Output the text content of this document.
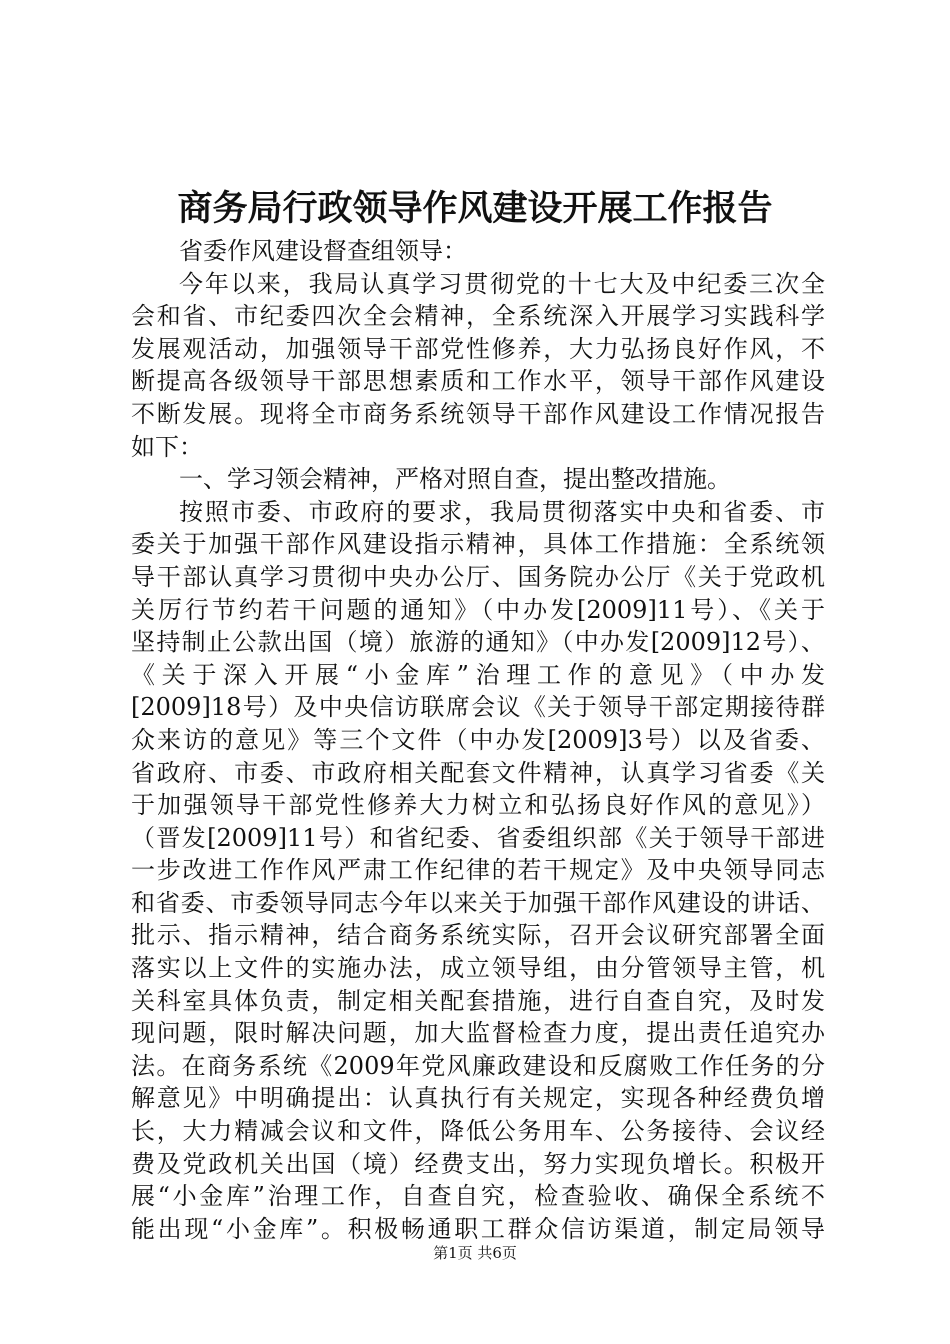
商务局行政领导作风建设开展工作报告
省委作风建设督查组领导：
今年以来，我局认真学习贯彻党的十七大及中纪委三次全
会和省、市纪委四次全会精神，全系统深入开展学习实践科学
发展观活动，加强领导干部党性修养，大力弘扬良好作风，不
断提高各级领导干部思想素质和工作水平，领导干部作风建设
不断发展。现将全市商务系统领导干部作风建设工作情况报告
如下：
一、学习领会精神，严格对照自查，提出整改措施。
按照市委、市政府的要求，我局贯彻落实中央和省委、市
委关于加强干部作风建设指示精神，具体工作措施：全系统领
导干部认真学习贯彻中央办公厅、国务院办公厅《关于党政机
关厉行节约若干问题的通知》（中办发[2009]11号）、《关于
坚持制止公款出国（境）旅游的通知》（中办发[2009]12号）、
《关于深入开展“小金库”治理工作的意见》（中办发
[2009]18号）及中央信访联席会议《关于领导干部定期接待群
众来访的意见》等三个文件（中办发[2009]3号）以及省委、
省政府、市委、市政府相关配套文件精神，认真学习省委《关
于加强领导干部党性修养大力树立和弘扬良好作风的意见》）
（晋发[2009]11号）和省纪委、省委组织部《关于领导干部进
一步改进工作作风严肃工作纪律的若干规定》及中央领导同志
和省委、市委领导同志今年以来关于加强干部作风建设的讲话、
批示、指示精神，结合商务系统实际，召开会议研究部署全面
落实以上文件的实施办法，成立领导组，由分管领导主管，机
关科室具体负责，制定相关配套措施，进行自查自究，及时发
现问题，限时解决问题，加大监督检查力度，提出责任追究办
法。在商务系统《2009年党风廉政建设和反腐败工作任务的分
解意见》中明确提出：认真执行有关规定，实现各种经费负增
长，大力精减会议和文件，降低公务用车、公务接待、会议经
费及党政机关出国（境）经费支出，努力实现负增长。积极开
展“小金库”治理工作，自查自究，检查验收、确保全系统不
能出现“小金库”。积极畅通职工群众信访渠道，制定局领导
第1页 共6页
